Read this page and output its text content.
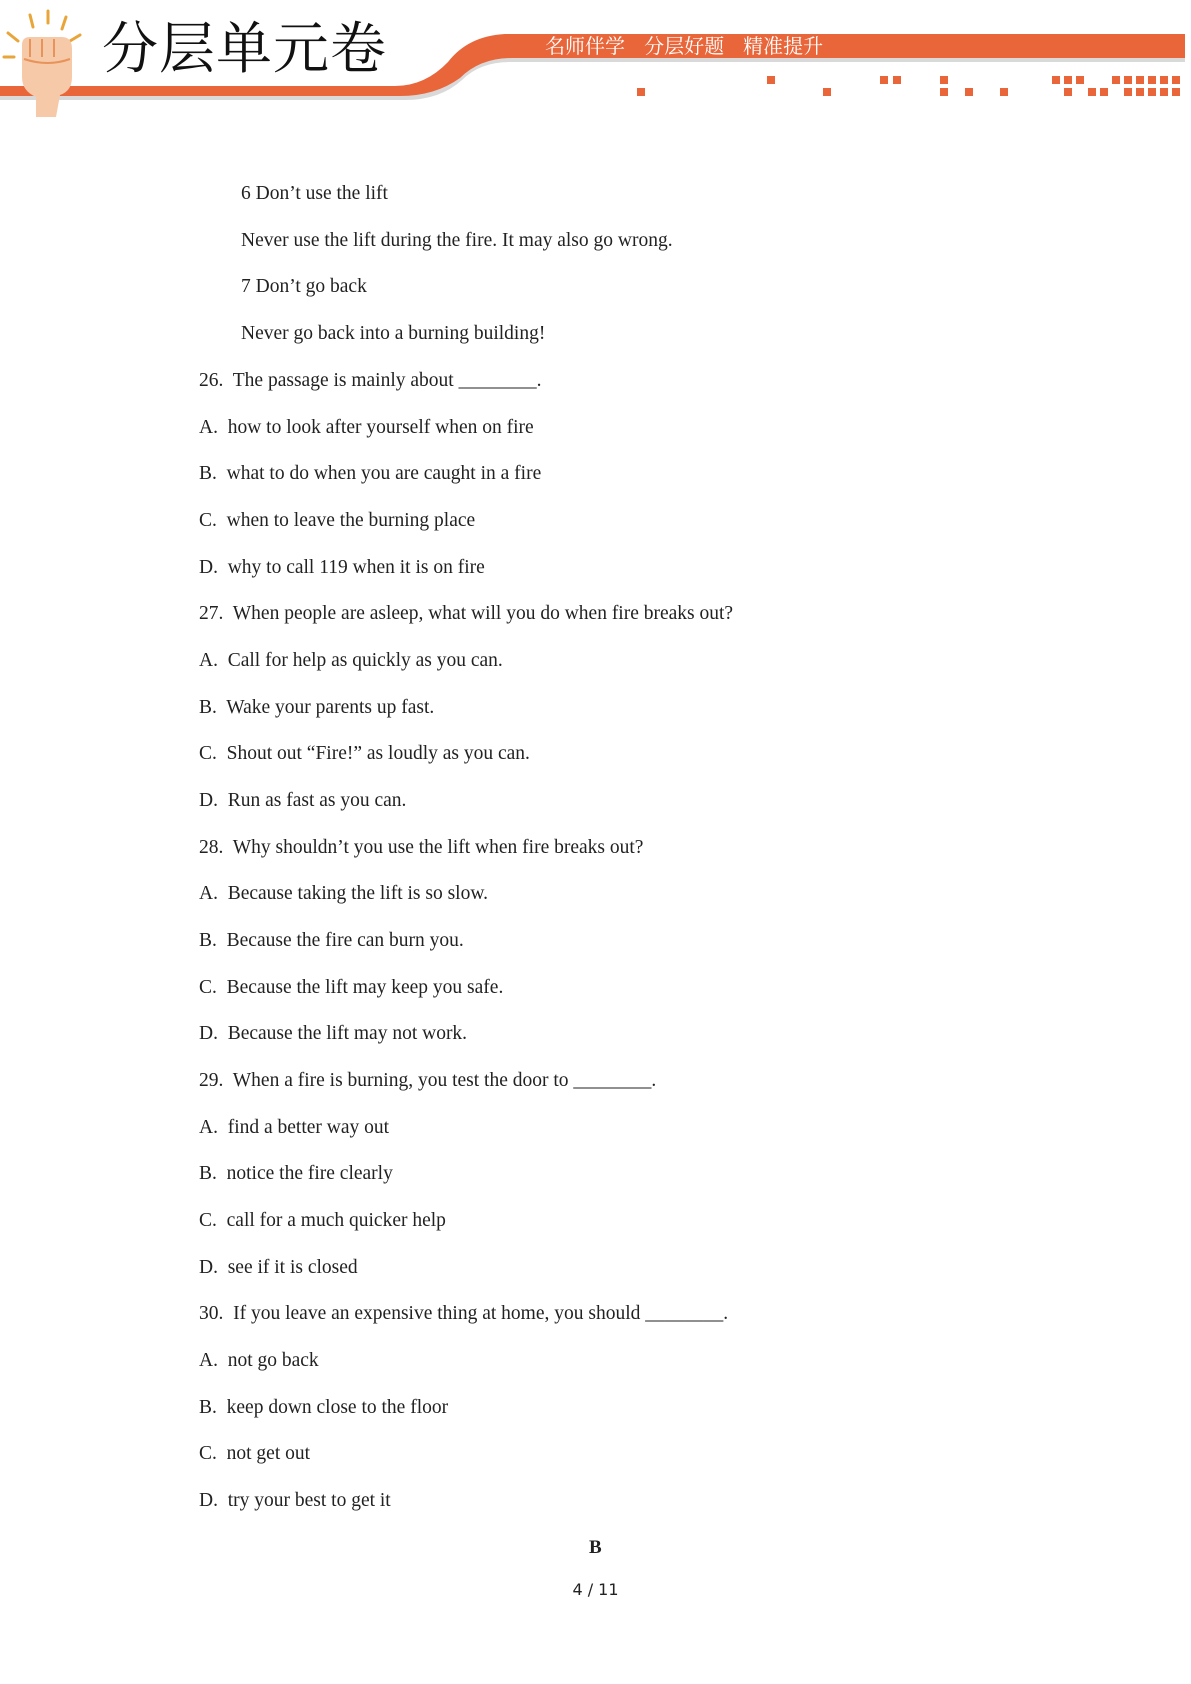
分层单元卷	名师伴学   分层好题   精准提升
6 Don’t use the lift
Never use the lift during the fire. It may also go wrong.
7 Don’t go back
Never go back into a burning building!
26.  The passage is mainly about ________.
A.  how to look after yourself when on fire
B.  what to do when you are caught in a fire
C.  when to leave the burning place
D.  why to call 119 when it is on fire
27.  When people are asleep, what will you do when fire breaks out?
A.  Call for help as quickly as you can.
B.  Wake your parents up fast.
C.  Shout out “Fire!” as loudly as you can.
D.  Run as fast as you can.
28.  Why shouldn’t you use the lift when fire breaks out?
A.  Because taking the lift is so slow.
B.  Because the fire can burn you.
C.  Because the lift may keep you safe.
D.  Because the lift may not work.
29.  When a fire is burning, you test the door to ________.
A.  find a better way out
B.  notice the fire clearly
C.  call for a much quicker help
D.  see if it is closed
30.  If you leave an expensive thing at home, you should ________.
A.  not go back
B.  keep down close to the floor
C.  not get out
D.  try your best to get it
B
4 / 11
